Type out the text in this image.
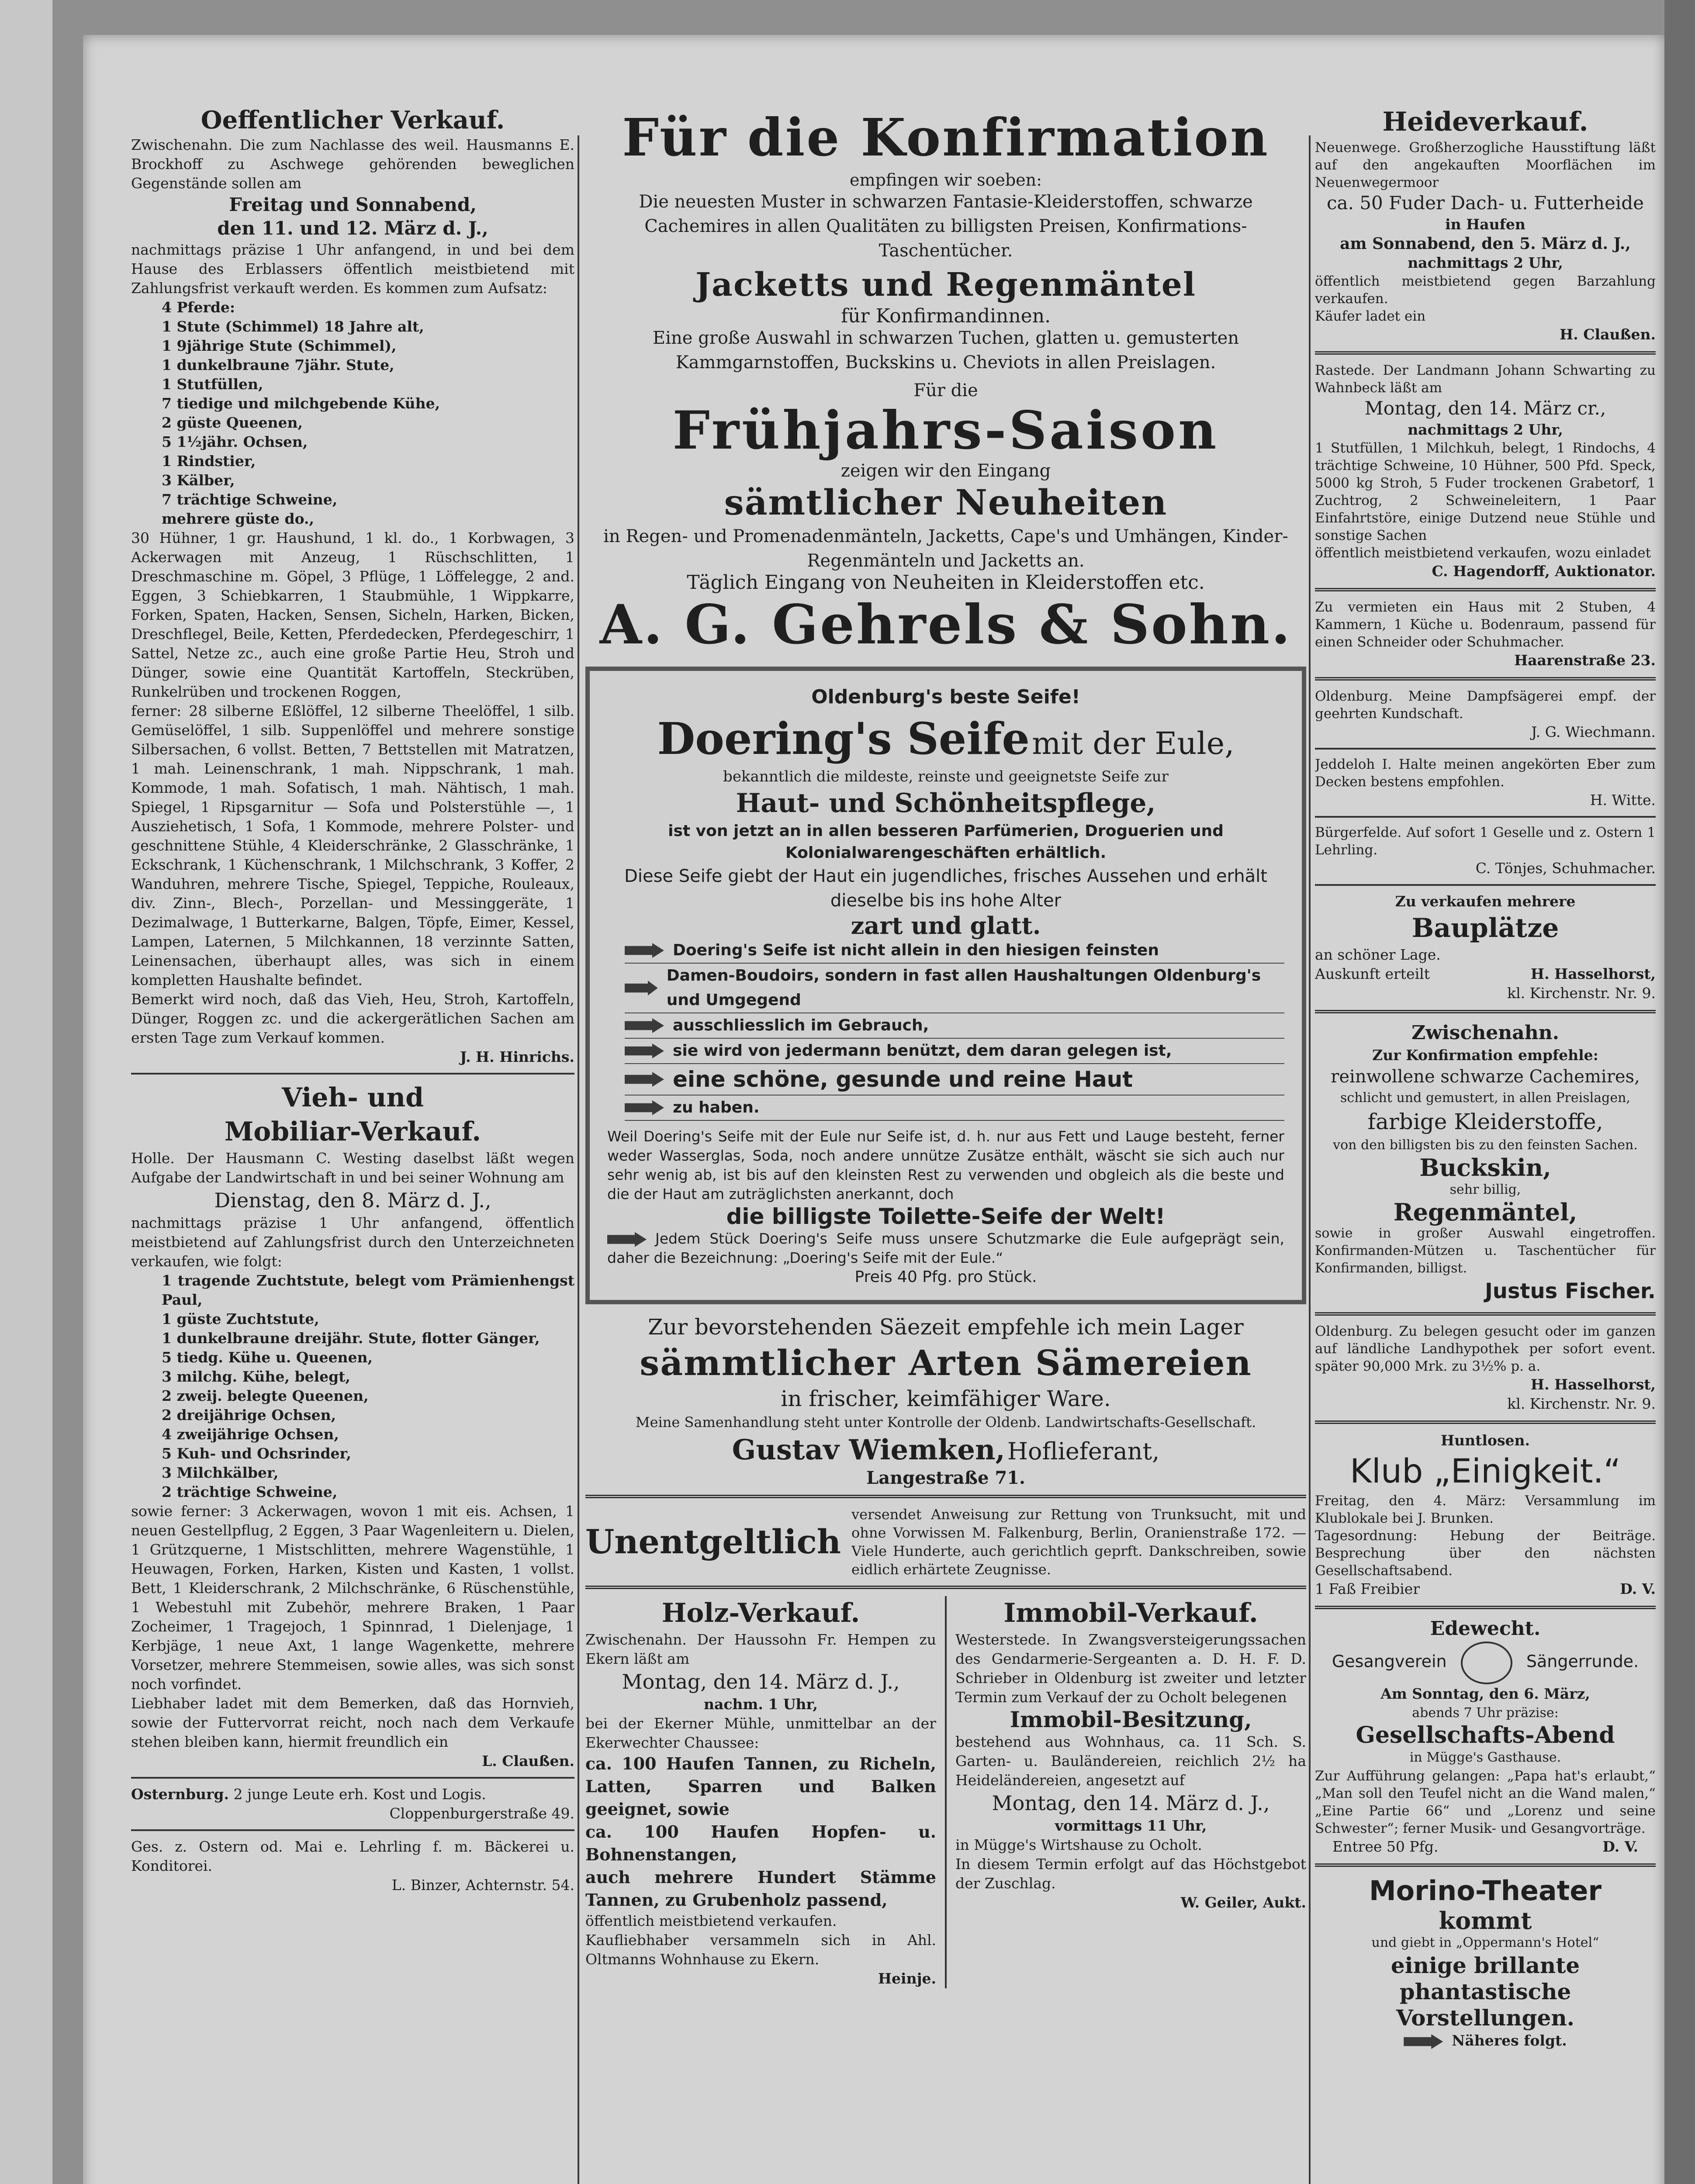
Oeffentlicher Verkauf.

Zwischenahn. Die zum Nachlasse des weil. Hausmanns E. Brockhoff zu Aschwege gehörenden beweglichen Gegenstände sollen am

Freitag und Sonnabend,

den 11. und 12. März d. J.,

nachmittags präzise 1 Uhr anfangend, in und bei dem Hause des Erblassers öffentlich meistbietend mit Zahlungsfrist verkauft werden. Es kommen zum Aufsatz:

4 Pferde:

1 Stute (Schimmel) 18 Jahre alt,

1 9jährige Stute (Schimmel),

1 dunkelbraune 7jähr. Stute,

1 Stutfüllen,

7 tiedige und milchgebende Kühe,

2 güste Queenen,

5 1½jähr. Ochsen,

1 Rindstier,

3 Kälber,

7 trächtige Schweine,

mehrere güste do.,

30 Hühner, 1 gr. Haushund, 1 kl. do., 1 Korbwagen, 3 Ackerwagen mit Anzeug, 1 Rüschschlitten, 1 Dreschmaschine m. Göpel, 3 Pflüge, 1 Löffelegge, 2 and. Eggen, 3 Schiebkarren, 1 Staubmühle, 1 Wippkarre, Forken, Spaten, Hacken, Sensen, Sicheln, Harken, Bicken, Dreschflegel, Beile, Ketten, Pferdedecken, Pferdegeschirr, 1 Sattel, Netze zc., auch eine große Partie Heu, Stroh und Dünger, sowie eine Quantität Kartoffeln, Steckrüben, Runkelrüben und trockenen Roggen,

ferner: 28 silberne Eßlöffel, 12 silberne Theelöffel, 1 silb. Gemüselöffel, 1 silb. Suppenlöffel und mehrere sonstige Silbersachen, 6 vollst. Betten, 7 Bettstellen mit Matratzen, 1 mah. Leinenschrank, 1 mah. Nippschrank, 1 mah. Kommode, 1 mah. Sofatisch, 1 mah. Nähtisch, 1 mah. Spiegel, 1 Ripsgarnitur — Sofa und Polsterstühle —, 1 Ausziehetisch, 1 Sofa, 1 Kommode, mehrere Polster- und geschnittene Stühle, 4 Kleiderschränke, 2 Glasschränke, 1 Eckschrank, 1 Küchenschrank, 1 Milchschrank, 3 Koffer, 2 Wanduhren, mehrere Tische, Spiegel, Teppiche, Rouleaux, div. Zinn-, Blech-, Porzellan- und Messinggeräte, 1 Dezimalwage, 1 Butterkarne, Balgen, Töpfe, Eimer, Kessel, Lampen, Laternen, 5 Milchkannen, 18 verzinnte Satten, Leinensachen, überhaupt alles, was sich in einem kompletten Haushalte befindet.

Bemerkt wird noch, daß das Vieh, Heu, Stroh, Kartoffeln, Dünger, Roggen zc. und die ackergerätlichen Sachen am ersten Tage zum Verkauf kommen.

J. H. Hinrichs.

Vieh- und

Mobiliar-Verkauf.

Holle. Der Hausmann C. Westing daselbst läßt wegen Aufgabe der Landwirtschaft in und bei seiner Wohnung am

Dienstag, den 8. März d. J.,

nachmittags präzise 1 Uhr anfangend, öffentlich meistbietend auf Zahlungsfrist durch den Unterzeichneten verkaufen, wie folgt:

1 tragende Zuchtstute, belegt vom Prämienhengst Paul,

1 güste Zuchtstute,

1 dunkelbraune dreijähr. Stute, flotter Gänger,

5 tiedg. Kühe u. Queenen,

3 milchg. Kühe, belegt,

2 zweij. belegte Queenen,

2 dreijährige Ochsen,

4 zweijährige Ochsen,

5 Kuh- und Ochsrinder,

3 Milchkälber,

2 trächtige Schweine,

sowie ferner: 3 Ackerwagen, wovon 1 mit eis. Achsen, 1 neuen Gestellpflug, 2 Eggen, 3 Paar Wagenleitern u. Dielen, 1 Grützquerne, 1 Mistschlitten, mehrere Wagenstühle, 1 Heuwagen, Forken, Harken, Kisten und Kasten, 1 vollst. Bett, 1 Kleiderschrank, 2 Milchschränke, 6 Rüschenstühle, 1 Webestuhl mit Zubehör, mehrere Braken, 1 Paar Zocheimer, 1 Tragejoch, 1 Spinnrad, 1 Dielenjage, 1 Kerbjäge, 1 neue Axt, 1 lange Wagenkette, mehrere Vorsetzer, mehrere Stemmeisen, sowie alles, was sich sonst noch vorfindet.

Liebhaber ladet mit dem Bemerken, daß das Hornvieh, sowie der Futtervorrat reicht, noch nach dem Verkaufe stehen bleiben kann, hiermit freundlich ein

L. Claußen.

Osternburg. 2 junge Leute erh. Kost und Logis.

Cloppenburgerstraße 49.

Ges. z. Ostern od. Mai e. Lehrling f. m. Bäckerei u. Konditorei.

L. Binzer, Achternstr. 54.

Für die Konfirmation

empfingen wir soeben:

Die neuesten Muster in schwarzen Fantasie-Kleiderstoffen, schwarze Cachemires in allen Qualitäten zu billigsten Preisen, Konfirmations-Taschentücher.

Jacketts und Regenmäntel

für Konfirmandinnen.

Eine große Auswahl in schwarzen Tuchen, glatten u. gemusterten Kammgarnstoffen, Buckskins u. Cheviots in allen Preislagen.

Für die

Frühjahrs-Saison

zeigen wir den Eingang

sämtlicher Neuheiten

in Regen- und Promenadenmänteln, Jacketts, Cape's und Umhängen, Kinder-Regenmänteln und Jacketts an.

Täglich Eingang von Neuheiten in Kleiderstoffen etc.

A. G. Gehrels & Sohn.

Oldenburg's beste Seife!

Doering's Seife mit der Eule,

bekanntlich die mildeste, reinste und geeignetste Seife zur

Haut- und Schönheitspflege,

ist von jetzt an in allen besseren Parfümerien, Droguerien und Kolonialwarengeschäften erhältlich.

Diese Seife giebt der Haut ein jugendliches, frisches Aussehen und erhält dieselbe bis ins hohe Alter

zart und glatt.

Doering's Seife ist nicht allein in den hiesigen feinsten
Damen-Boudoirs, sondern in fast allen Haushaltungen Oldenburg's und Umgegend
ausschliesslich im Gebrauch,
sie wird von jedermann benützt, dem daran gelegen ist,
eine schöne, gesunde und reine Haut
zu haben.

Weil Doering's Seife mit der Eule nur Seife ist, d. h. nur aus Fett und Lauge besteht, ferner weder Wasserglas, Soda, noch andere unnütze Zusätze enthält, wäscht sie sich auch nur sehr wenig ab, ist bis auf den kleinsten Rest zu verwenden und obgleich als die beste und die der Haut am zuträglichsten anerkannt, doch

die billigste Toilette-Seife der Welt!

Jedem Stück Doering's Seife muss unsere Schutzmarke die Eule aufgeprägt sein, daher die Bezeichnung: „Doering's Seife mit der Eule.“

Preis 40 Pfg. pro Stück.

Zur bevorstehenden Säezeit empfehle ich mein Lager

sämmtlicher Arten Sämereien

in frischer, keimfähiger Ware.

Meine Samenhandlung steht unter Kontrolle der Oldenb. Landwirtschafts-Gesellschaft.

Gustav Wiemken, Hoflieferant,

Langestraße 71.

Unentgeltlich

versendet Anweisung zur Rettung von Trunksucht, mit und ohne Vorwissen M. Falkenburg, Berlin, Oranienstraße 172. — Viele Hunderte, auch gerichtlich geprft. Dankschreiben, sowie eidlich erhärtete Zeugnisse.

Holz-Verkauf.

Zwischenahn. Der Haussohn Fr. Hempen zu Ekern läßt am

Montag, den 14. März d. J.,

nachm. 1 Uhr,

bei der Ekerner Mühle, unmittelbar an der Ekerwechter Chaussee:

ca. 100 Haufen Tannen, zu Richeln, Latten, Sparren und Balken geeignet, sowie

ca. 100 Haufen Hopfen- u. Bohnenstangen,

auch mehrere Hundert Stämme Tannen, zu Grubenholz passend,

öffentlich meistbietend verkaufen.

Kaufliebhaber versammeln sich in Ahl. Oltmanns Wohnhause zu Ekern.

Heinje.

Immobil-Verkauf.

Westerstede. In Zwangsversteigerungssachen des Gendarmerie-Sergeanten a. D. H. F. D. Schrieber in Oldenburg ist zweiter und letzter Termin zum Verkauf der zu Ocholt belegenen

Immobil-Besitzung,

bestehend aus Wohnhaus, ca. 11 Sch. S. Garten- u. Bauländereien, reichlich 2½ ha Heideländereien, angesetzt auf

Montag, den 14. März d. J.,

vormittags 11 Uhr,

in Mügge's Wirtshause zu Ocholt.

In diesem Termin erfolgt auf das Höchstgebot der Zuschlag.

W. Geiler, Aukt.

Heideverkauf.

Neuenwege. Großherzogliche Hausstiftung läßt auf den angekauften Moorflächen im Neuenwegermoor

ca. 50 Fuder Dach- u. Futterheide

in Haufen

am Sonnabend, den 5. März d. J.,

nachmittags 2 Uhr,

öffentlich meistbietend gegen Barzahlung verkaufen.

Käufer ladet ein

H. Claußen.

Rastede. Der Landmann Johann Schwarting zu Wahnbeck läßt am

Montag, den 14. März cr.,

nachmittags 2 Uhr,

1 Stutfüllen, 1 Milchkuh, belegt, 1 Rindochs, 4 trächtige Schweine, 10 Hühner, 500 Pfd. Speck, 5000 kg Stroh, 5 Fuder trockenen Grabetorf, 1 Zuchtrog, 2 Schweineleitern, 1 Paar Einfahrtstöre, einige Dutzend neue Stühle und sonstige Sachen

öffentlich meistbietend verkaufen, wozu einladet

C. Hagendorff, Auktionator.

Zu vermieten ein Haus mit 2 Stuben, 4 Kammern, 1 Küche u. Bodenraum, passend für einen Schneider oder Schuhmacher.

Haarenstraße 23.

Oldenburg. Meine Dampfsägerei empf. der geehrten Kundschaft.

J. G. Wiechmann.

Jeddeloh I. Halte meinen angekörten Eber zum Decken bestens empfohlen.

H. Witte.

Bürgerfelde. Auf sofort 1 Geselle und z. Ostern 1 Lehrling.

C. Tönjes, Schuhmacher.

Zu verkaufen mehrere

Bauplätze

an schöner Lage.

Auskunft erteilt	H. Hasselhorst,

kl. Kirchenstr. Nr. 9.

Zwischenahn.

Zur Konfirmation empfehle:

reinwollene schwarze Cachemires,

schlicht und gemustert, in allen Preislagen,

farbige Kleiderstoffe,

von den billigsten bis zu den feinsten Sachen.

Buckskin,

sehr billig,

Regenmäntel,

sowie in großer Auswahl eingetroffen. Konfirmanden-Mützen u. Taschentücher für Konfirmanden, billigst.

Justus Fischer.

Oldenburg. Zu belegen gesucht oder im ganzen auf ländliche Landhypothek per sofort event. später 90,000 Mrk. zu 3½% p. a.

H. Hasselhorst,

kl. Kirchenstr. Nr. 9.

Huntlosen.

Klub „Einigkeit.“

Freitag, den 4. März: Versammlung im Klublokale bei J. Brunken.

Tagesordnung: Hebung der Beiträge. Besprechung über den nächsten Gesellschaftsabend.

1 Faß Freibier	D. V.

Edewecht.

Gesangverein	Sängerrunde.

Am Sonntag, den 6. März,

abends 7 Uhr präzise:

Gesellschafts-Abend

in Mügge's Gasthause.

Zur Aufführung gelangen: „Papa hat's erlaubt,“ „Man soll den Teufel nicht an die Wand malen,“ „Eine Partie 66“ und „Lorenz und seine Schwester“; ferner Musik- und Gesangvorträge.

Entree 50 Pfg.	D. V.

Morino-Theater

kommt

und giebt in „Oppermann's Hotel“

einige brillante phantastische Vorstellungen.

Näheres folgt.
